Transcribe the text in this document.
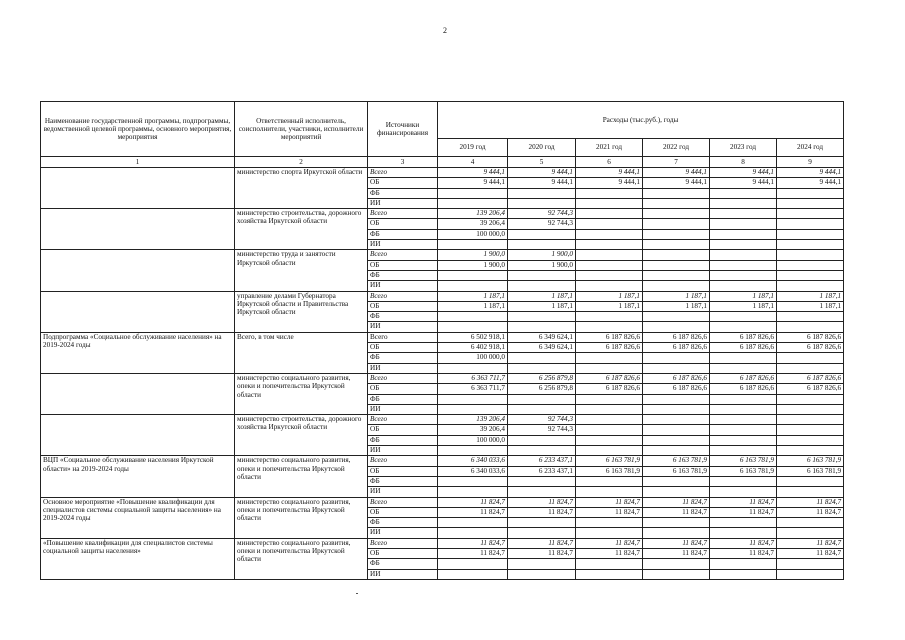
2
Наименование государственной программы, подпрограммы, ведомственной целевой программы, основного мероприятия, мероприятия	Ответственный исполнитель, соисполнители, участники, исполнители мероприятий	Источники финансирования	Расходы (тыс.руб.), годы					
			2019 год	2020 год	2021 год	2022 год	2023 год	2024 год
1	2	3	4	5	6	7	8	9
	министерство спорта Иркутской области	Всего	9 444,1	9 444,1	9 444,1	9 444,1	9 444,1	9 444,1
		ОБ	9 444,1	9 444,1	9 444,1	9 444,1	9 444,1	9 444,1
		ФБ						
		ИИ						
	министерство строительства, дорожного хозяйства Иркутской области	Всего	139 206,4	92 744,3				
		ОБ	39 206,4	92 744,3				
		ФБ	100 000,0					
		ИИ						
	министерство труда и занятости Иркутской области	Всего	1 900,0	1 900,0				
		ОБ	1 900,0	1 900,0				
		ФБ						
		ИИ						
	управление делами Губернатора Иркутской области и Правительства Иркутской области	Всего	1 187,1	1 187,1	1 187,1	1 187,1	1 187,1	1 187,1
		ОБ	1 187,1	1 187,1	1 187,1	1 187,1	1 187,1	1 187,1
		ФБ						
		ИИ						
Подпрограмма «Социальное обслуживание населения» на 2019-2024 годы	Всего, в том числе	Всего	6 502 918,1	6 349 624,1	6 187 826,6	6 187 826,6	6 187 826,6	6 187 826,6
		ОБ	6 402 918,1	6 349 624,1	6 187 826,6	6 187 826,6	6 187 826,6	6 187 826,6
		ФБ	100 000,0					
		ИИ						
	министерство социального развития, опеки и попечительства Иркутской области	Всего	6 363 711,7	6 256 879,8	6 187 826,6	6 187 826,6	6 187 826,6	6 187 826,6
		ОБ	6 363 711,7	6 256 879,8	6 187 826,6	6 187 826,6	6 187 826,6	6 187 826,6
		ФБ						
		ИИ						
	министерство строительства, дорожного хозяйства Иркутской области	Всего	139 206,4	92 744,3				
		ОБ	39 206,4	92 744,3				
		ФБ	100 000,0					
		ИИ						
ВЦП «Социальное обслуживание населения Иркутской области» на 2019-2024 годы	министерство социального развития, опеки и попечительства Иркутской области	Всего	6 340 033,6	6 233 437,1	6 163 781,9	6 163 781,9	6 163 781,9	6 163 781,9
		ОБ	6 340 033,6	6 233 437,1	6 163 781,9	6 163 781,9	6 163 781,9	6 163 781,9
		ФБ						
		ИИ						
Основное мероприятие «Повышение квалификации для специалистов системы социальной защиты населения» на 2019-2024 годы	министерство социального развития, опеки и попечительства Иркутской области	Всего	11 824,7	11 824,7	11 824,7	11 824,7	11 824,7	11 824,7
		ОБ	11 824,7	11 824,7	11 824,7	11 824,7	11 824,7	11 824,7
		ФБ						
		ИИ						
«Повышение квалификации для специалистов системы социальной защиты населения»	министерство социального развития, опеки и попечительства Иркутской области	Всего	11 824,7	11 824,7	11 824,7	11 824,7	11 824,7	11 824,7
		ОБ	11 824,7	11 824,7	11 824,7	11 824,7	11 824,7	11 824,7
		ФБ						
		ИИ						
